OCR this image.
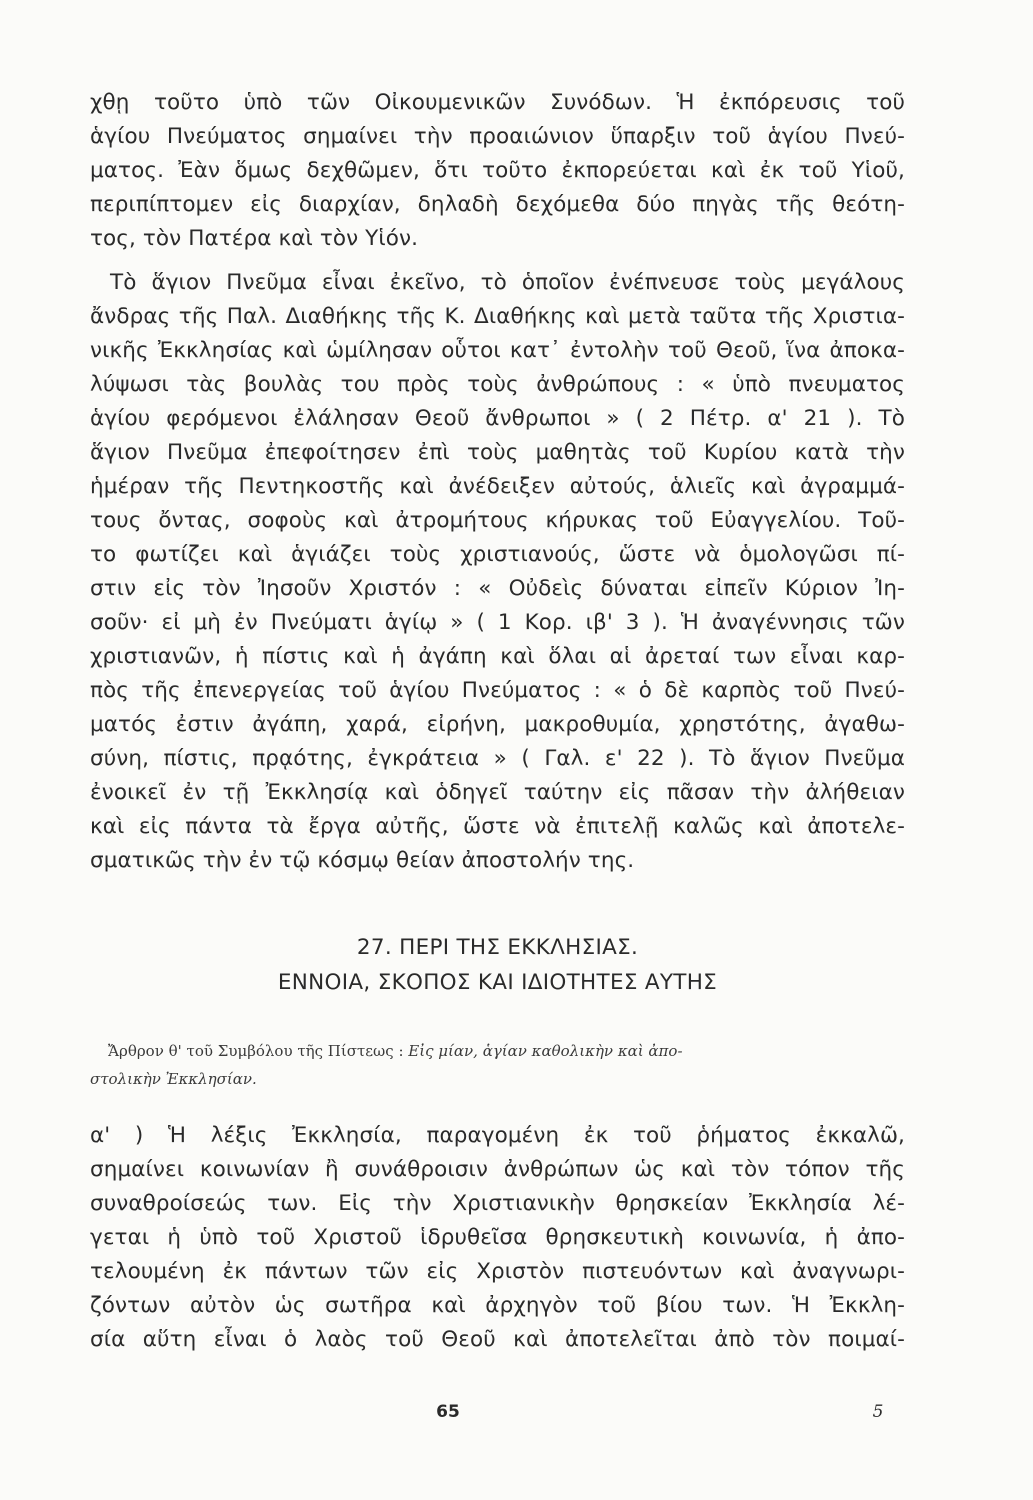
χθῃ τοῦτο ὑπὸ τῶν Οἰκουμενικῶν Συνόδων. Ἡ ἐκπόρευσις τοῦ
ἁγίου Πνεύματος σημαίνει τὴν προαιώνιον ὕπαρξιν τοῦ ἁγίου Πνεύ-
ματος. Ἐὰν ὅμως δεχθῶμεν, ὅτι τοῦτο ἐκπορεύεται καὶ ἐκ τοῦ Υἱοῦ,
περιπίπτομεν εἰς διαρχίαν, δηλαδὴ δεχόμεθα δύο πηγὰς τῆς θεότη-
τος, τὸν Πατέρα καὶ τὸν Υἱόν.
Τὸ ἅγιον Πνεῦμα εἶναι ἐκεῖνο, τὸ ὁποῖον ἐνέπνευσε τοὺς μεγάλους
ἄνδρας τῆς Παλ. Διαθήκης τῆς Κ. Διαθήκης καὶ μετὰ ταῦτα τῆς Χριστια-
νικῆς Ἐκκλησίας καὶ ὡμίλησαν οὗτοι κατ᾽ ἐντολὴν τοῦ Θεοῦ, ἵνα ἀποκα-
λύψωσι τὰς βουλὰς του πρὸς τοὺς ἀνθρώπους : « ὑπὸ πνευματος
ἁγίου φερόμενοι ἐλάλησαν Θεοῦ ἄνθρωποι » ( 2 Πέτρ. α' 21 ). Τὸ
ἅγιον Πνεῦμα ἐπεφοίτησεν ἐπὶ τοὺς μαθητὰς τοῦ Κυρίου κατὰ τὴν
ἡμέραν τῆς Πεντηκοστῆς καὶ ἀνέδειξεν αὐτούς, ἁλιεῖς καὶ ἀγραμμά-
τους ὄντας, σοφοὺς καὶ ἀτρομήτους κήρυκας τοῦ Εὐαγγελίου. Τοῦ-
το φωτίζει καὶ ἁγιάζει τοὺς χριστιανούς, ὥστε νὰ ὁμολογῶσι πί-
στιν εἰς τὸν Ἰησοῦν Χριστόν : « Οὐδεὶς δύναται εἰπεῖν Κύριον Ἰη-
σοῦν· εἰ μὴ ἐν Πνεύματι ἁγίῳ » ( 1 Κορ. ιβ' 3 ). Ἡ ἀναγέννησις τῶν
χριστιανῶν, ἡ πίστις καὶ ἡ ἀγάπη καὶ ὅλαι αἱ ἀρεταί των εἶναι καρ-
πὸς τῆς ἐπενεργείας τοῦ ἁγίου Πνεύματος : « ὁ δὲ καρπὸς τοῦ Πνεύ-
ματός ἐστιν ἀγάπη, χαρά, εἰρήνη, μακροθυμία, χρηστότης, ἀγαθω-
σύνη, πίστις, πρᾳότης, ἐγκράτεια » ( Γαλ. ε' 22 ). Τὸ ἅγιον Πνεῦμα
ἐνοικεῖ ἐν τῇ Ἐκκλησίᾳ καὶ ὁδηγεῖ ταύτην εἰς πᾶσαν τὴν ἀλήθειαν
καὶ εἰς πάντα τὰ ἔργα αὐτῆς, ὥστε νὰ ἐπιτελῇ καλῶς καὶ ἀποτελε-
σματικῶς τὴν ἐν τῷ κόσμῳ θείαν ἀποστολήν της.
27. ΠΕΡΙ ΤΗΣ ΕΚΚΛΗΣΙΑΣ.
ΕΝΝΟΙΑ, ΣΚΟΠΟΣ ΚΑΙ ΙΔΙΟΤΗΤΕΣ ΑΥΤΗΣ
Ἄρθρον θ' τοῦ Συμβόλου τῆς Πίστεως : Εἰς μίαν, ἁγίαν καθολικὴν καὶ ἀπο-
στολικὴν Ἐκκλησίαν.
α' ) Ἡ λέξις Ἐκκλησία, παραγομένη ἐκ τοῦ ῥήματος ἐκκαλῶ,
σημαίνει κοινωνίαν ἢ συνάθροισιν ἀνθρώπων ὡς καὶ τὸν τόπον τῆς
συναθροίσεώς των. Εἰς τὴν Χριστιανικὴν θρησκείαν Ἐκκλησία λέ-
γεται ἡ ὑπὸ τοῦ Χριστοῦ ἱδρυθεῖσα θρησκευτικὴ κοινωνία, ἡ ἀπο-
τελουμένη ἐκ πάντων τῶν εἰς Χριστὸν πιστευόντων καὶ ἀναγνωρι-
ζόντων αὐτὸν ὡς σωτῆρα καὶ ἀρχηγὸν τοῦ βίου των. Ἡ Ἐκκλη-
σία αὕτη εἶναι ὁ λαὸς τοῦ Θεοῦ καὶ ἀποτελεῖται ἀπὸ τὸν ποιμαί-
65	5
